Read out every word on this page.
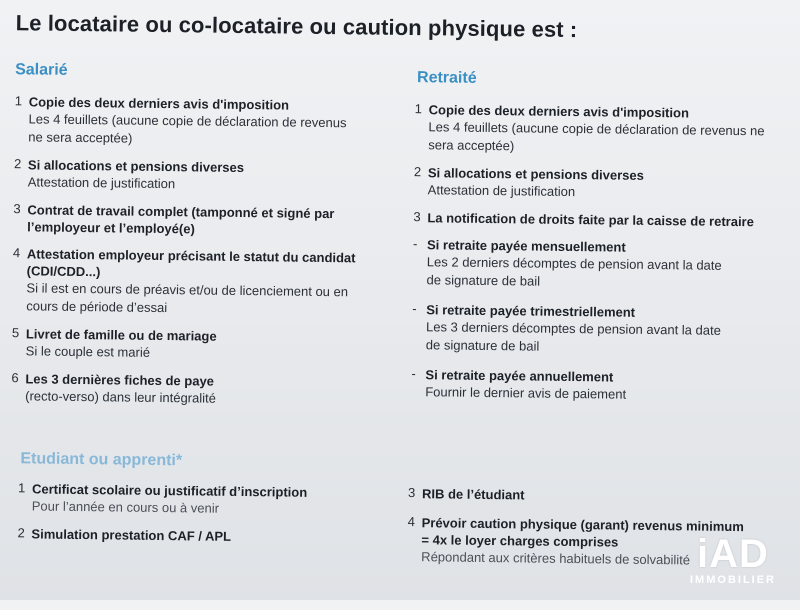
Le locataire ou co-locataire ou caution physique est :
Salarié
1 Copie des deux derniers avis d'imposition
Les 4 feuillets (aucune copie de déclaration de revenus
ne sera acceptée)
2 Si allocations et pensions diverses
Attestation de justification
3 Contrat de travail complet (tamponné et signé par
l’employeur et l’employé(e)
4 Attestation employeur précisant le statut du candidat
(CDI/CDD...)
Si il est en cours de préavis et/ou de licenciement ou en
cours de période d’essai
5 Livret de famille ou de mariage
Si le couple est marié
6 Les 3 dernières fiches de paye
(recto-verso) dans leur intégralité
Retraité
1 Copie des deux derniers avis d'imposition
Les 4 feuillets (aucune copie de déclaration de revenus ne
sera acceptée)
2 Si allocations et pensions diverses
Attestation de justification
3 La notification de droits faite par la caisse de retraire
- Si retraite payée mensuellement
Les 2 derniers décomptes de pension avant la date
de signature de bail
- Si retraite payée trimestriellement
Les 3 derniers décomptes de pension avant la date
de signature de bail
- Si retraite payée annuellement
Fournir le dernier avis de paiement
Etudiant ou apprenti*
1 Certificat scolaire ou justificatif d’inscription
Pour l’année en cours ou à venir
2 Simulation prestation CAF / APL
3 RIB de l’étudiant
4 Prévoir caution physique (garant) revenus minimum
= 4x le loyer charges comprises
Répondant aux critères habituels de solvabilité iAD
IMMOBILIER
